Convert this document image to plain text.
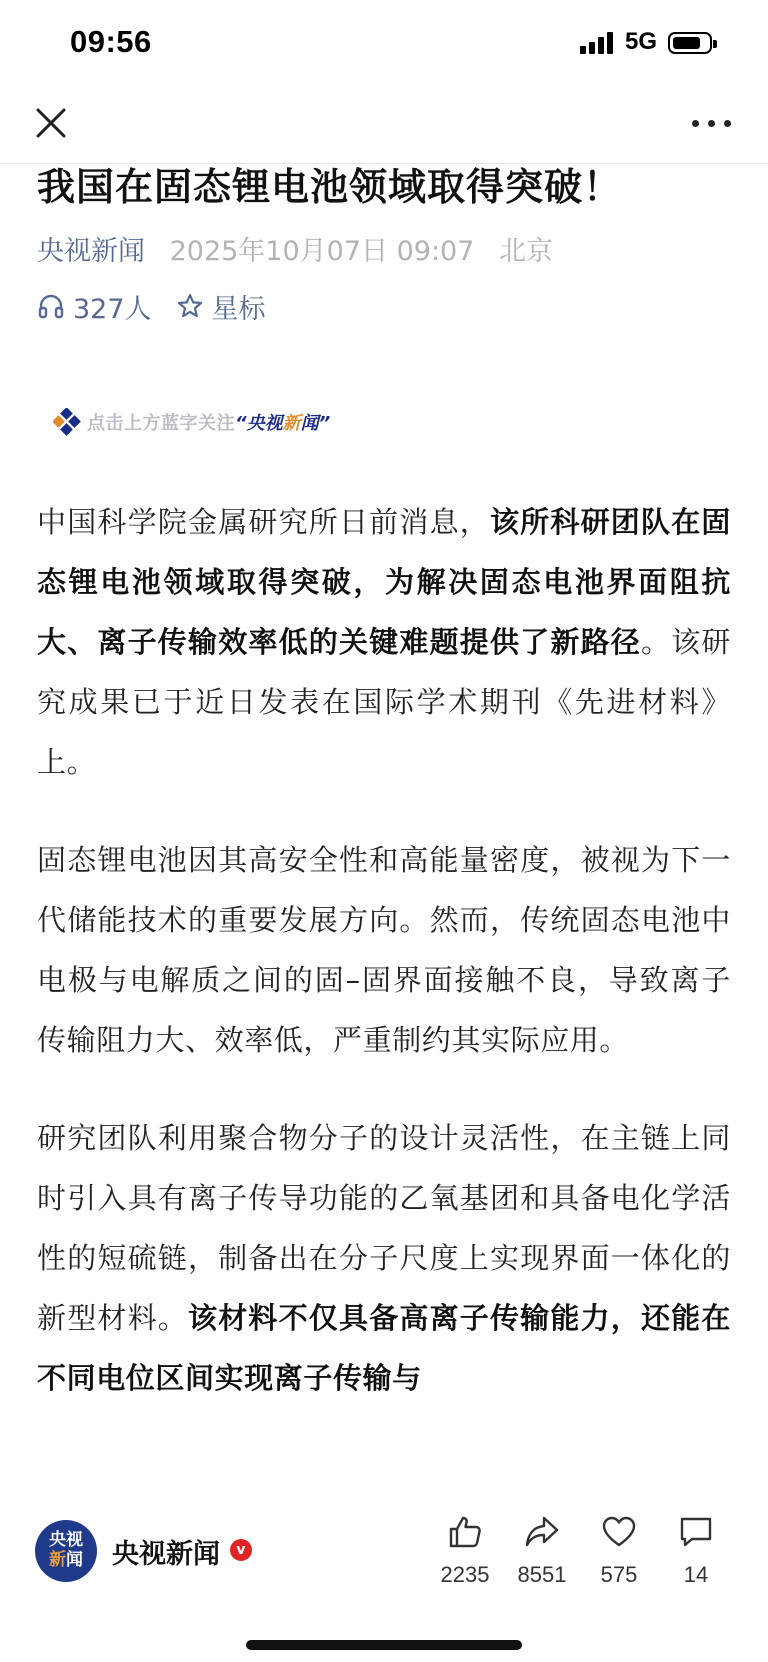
09:56	5G
我国在固态锂电池领域取得突破！
央视新闻 2025年10月07日 09:07 北京
327人 星标
点击上方蓝字关注 “央视新闻”

中国科学院金属研究所日前消息，该所科研团队在固态锂电池领域取得突破，为解决固态电池界面阻抗大、离子传输效率低的关键难题提供了新路径。该研究成果已于近日发表在国际学术期刊《先进材料》上。

固态锂电池因其高安全性和高能量密度，被视为下一代储能技术的重要发展方向。然而，传统固态电池中电极与电解质之间的固–固界面接触不良，导致离子传输阻力大、效率低，严重制约其实际应用。

研究团队利用聚合物分子的设计灵活性，在主链上同时引入具有离子传导功能的乙氧基团和具备电化学活性的短硫链，制备出在分子尺度上实现界面一体化的新型材料。该材料不仅具备高离子传输能力，还能在不同电位区间实现离子传输与

央视
新闻	央视新闻	v
2235	8551	575	14
